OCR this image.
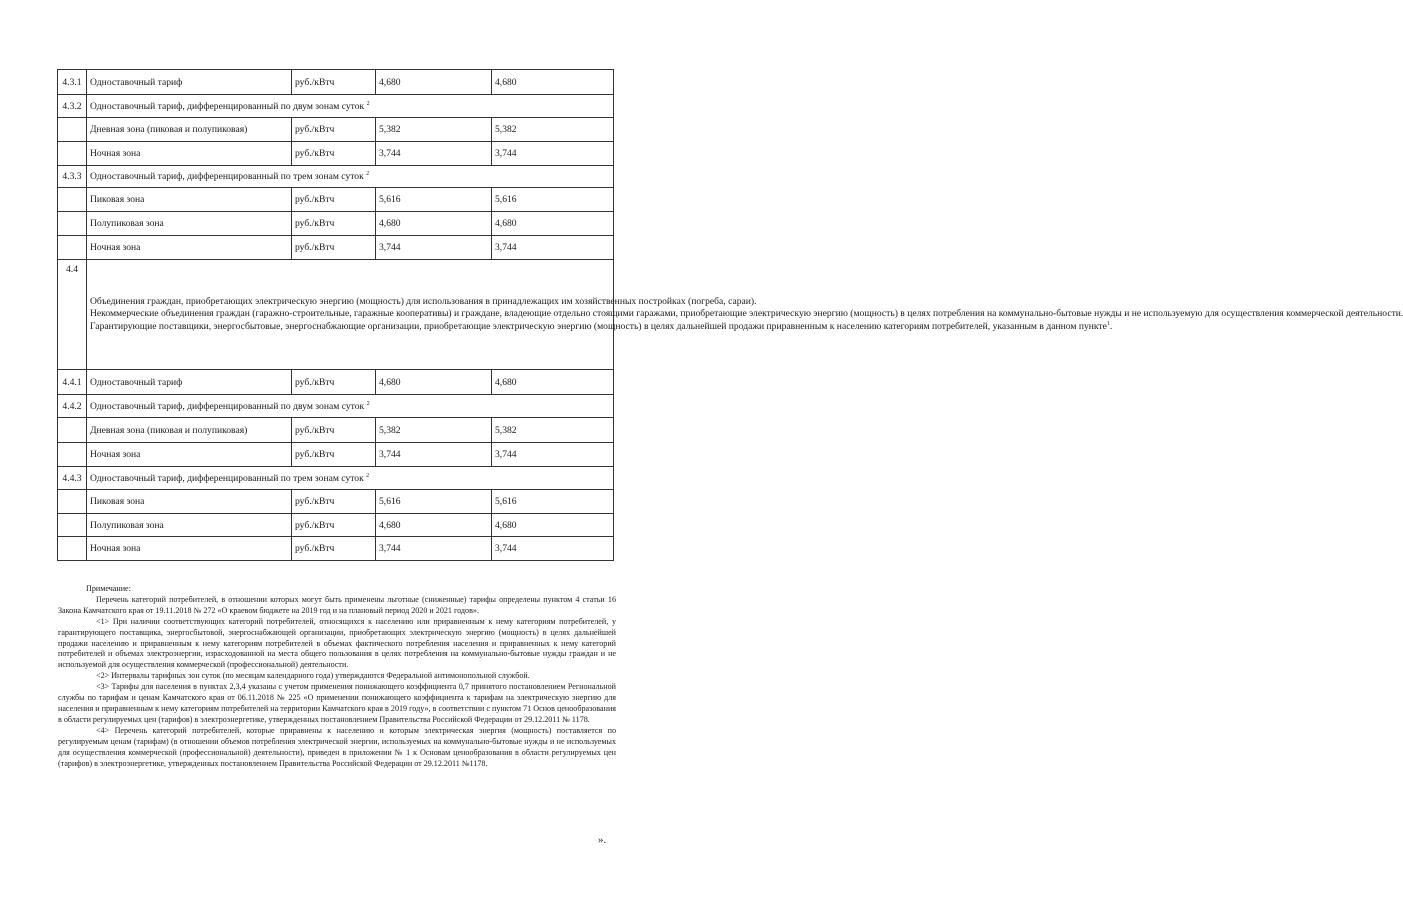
4.3.1	Одноставочный тариф	руб./кВтч	4,680	4,680
4.3.2	Одноставочный тариф, дифференцированный по двум зонам суток $^2$
	Дневная зона (пиковая и полупиковая)	руб./кВтч	5,382	5,382
	Ночная зона	руб./кВтч	3,744	3,744
4.3.3	Одноставочный тариф, дифференцированный по трем зонам суток $^2$
	Пиковая зона	руб./кВтч	5,616	5,616
	Полупиковая зона	руб./кВтч	4,680	4,680
	Ночная зона	руб./кВтч	3,744	3,744
4.4	Объединения граждан, приобретающих электрическую энергию (мощность) для использования в принадлежащих им хозяйственных постройках (погреба, сараи).
Некоммерческие объединения граждан (гаражно-строительные, гаражные кооперативы) и граждане, владеющие отдельно стоящими гаражами, приобретающие электрическую энергию (мощность) в целях потребления на коммунально-бытовые нужды и не используемую для осуществления коммерческой деятельности.
Гарантирующие поставщики, энергосбытовые, энергоснабжающие организации, приобретающие электрическую энергию (мощность) в целях дальнейшей продажи приравненным к населению категориям потребителей, указанным в данном пункте$^1$.			

4.4.1	Одноставочный тариф	руб./кВтч	4,680	4,680
4.4.2	Одноставочный тариф, дифференцированный по двум зонам суток $^2$
	Дневная зона (пиковая и полупиковая)	руб./кВтч	5,382	5,382
	Ночная зона	руб./кВтч	3,744	3,744
4.4.3	Одноставочный тариф, дифференцированный по трем зонам суток $^2$
	Пиковая зона	руб./кВтч	5,616	5,616
	Полупиковая зона	руб./кВтч	4,680	4,680
	Ночная зона	руб./кВтч	3,744	3,744

Примечание:

Перечень категорий потребителей, в отношении которых могут быть применены льготные (сниженные) тарифы определены пунктом 4 статьи 16 Закона Камчатского края от 19.11.2018 № 272 «О краевом бюджете на 2019 год и на плановый период 2020 и 2021 годов».

<1> При наличии соответствующих категорий потребителей, относящихся к населению или приравненным к нему категориям потребителей, у гарантирующего поставщика, энергосбытовой, энергоснабжающей организации, приобретающих электрическую энергию (мощность) в целях дальнейшей продажи населению и приравненным к нему категориям потребителей в объемах фактического потребления населения и приравненных к нему категорий потребителей и объемах электроэнергии, израсходованной на места общего пользования в целях потребления на коммунально-бытовые нужды граждан и не используемой для осуществления коммерческой (профессиональной) деятельности.

<2> Интервалы тарифных зон суток (по месяцам календарного года) утверждаются Федеральной антимонопольной службой.

<3> Тарифы для населения в пунктах 2,3,4 указаны с учетом применения понижающего коэффициента 0,7 принятого постановлением Региональной службы по тарифам и ценам Камчатского края от 06.11.2018 № 225 «О применении понижающего коэффициента к тарифам на электрическую энергию для населения и приравненным к нему категориям потребителей на территории Камчатского края в 2019 году», в соответствии с пунктом 71 Основ ценообразования в области регулируемых цен (тарифов) в электроэнергетике, утвержденных постановлением Правительства Российской Федерации от 29.12.2011 № 1178.

<4> Перечень категорий потребителей, которые приравнены к населению и которым электрическая энергия (мощность) поставляется по регулируемым ценам (тарифам) (в отношении объемов потребления электрической энергии, используемых на коммунально-бытовые нужды и не используемых для осуществления коммерческой (профессиональной) деятельности), приведен в приложении № 1 к Основам ценообразования в области регулируемых цен (тарифов) в электроэнергетике, утвержденных постановлением Правительства Российской Федерации от 29.12.2011 №1178.

».
